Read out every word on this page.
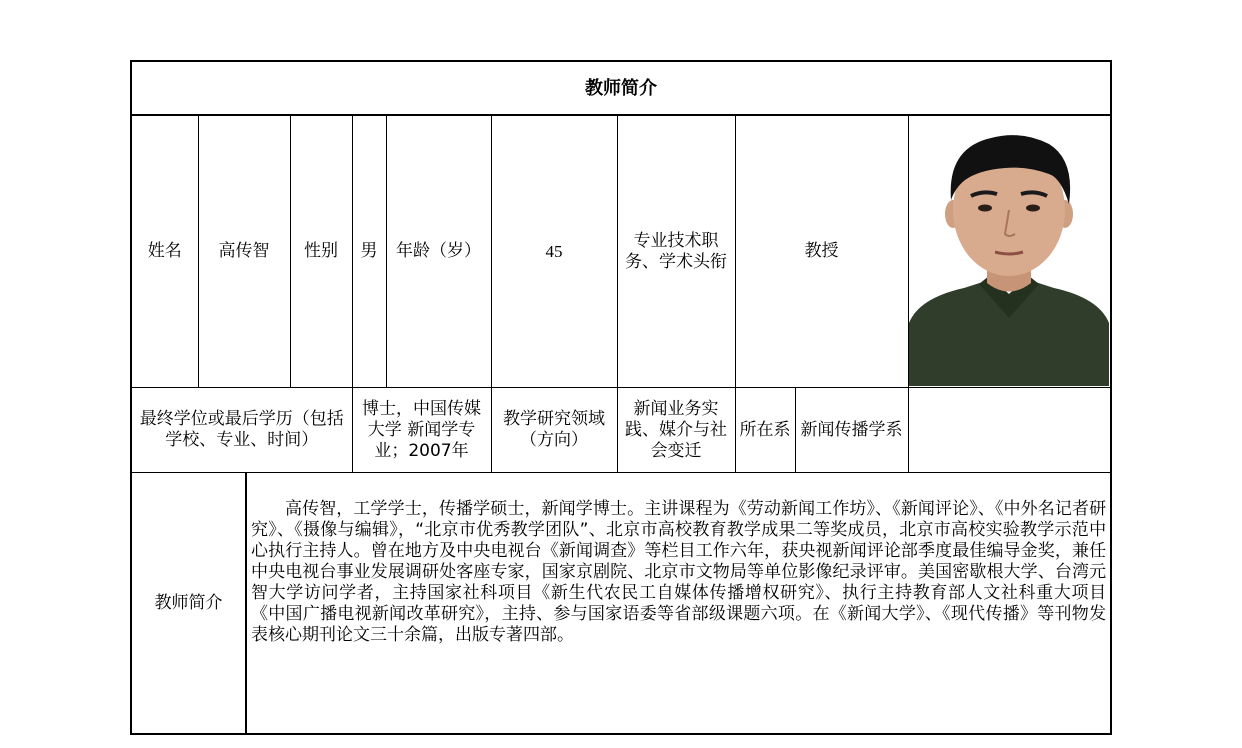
教师简介										
姓名	高传智		性别	男	年龄（岁）	45	专业技术职务、学术头衔	教授	

最终学位或最后学历（包括学校、专业、时间）				博士，中国传媒大学 新闻学专业；2007年		教学研究领域（方向）	新闻业务实践、媒介与社会变迁	所在系	新闻传播学系	
教师简介		高传智，工学学士，传播学硕士，新闻学博士。主讲课程为《劳动新闻工作坊》、《新闻评论》、《中外名记者研究》、《摄像与编辑》，“北京市优秀教学团队”、北京市高校教育教学成果二等奖成员，北京市高校实验教学示范中心执行主持人。曾在地方及中央电视台《新闻调查》等栏目工作六年，获央视新闻评论部季度最佳编导金奖，兼任中央电视台事业发展调研处客座专家，国家京剧院、北京市文物局等单位影像纪录评审。美国密歇根大学、台湾元智大学访问学者，主持国家社科项目《新生代农民工自媒体传播增权研究》、执行主持教育部人文社科重大项目《中国广播电视新闻改革研究》，主持、参与国家语委等省部级课题六项。在《新闻大学》、《现代传播》等刊物发表核心期刊论文三十余篇，出版专著四部。								
